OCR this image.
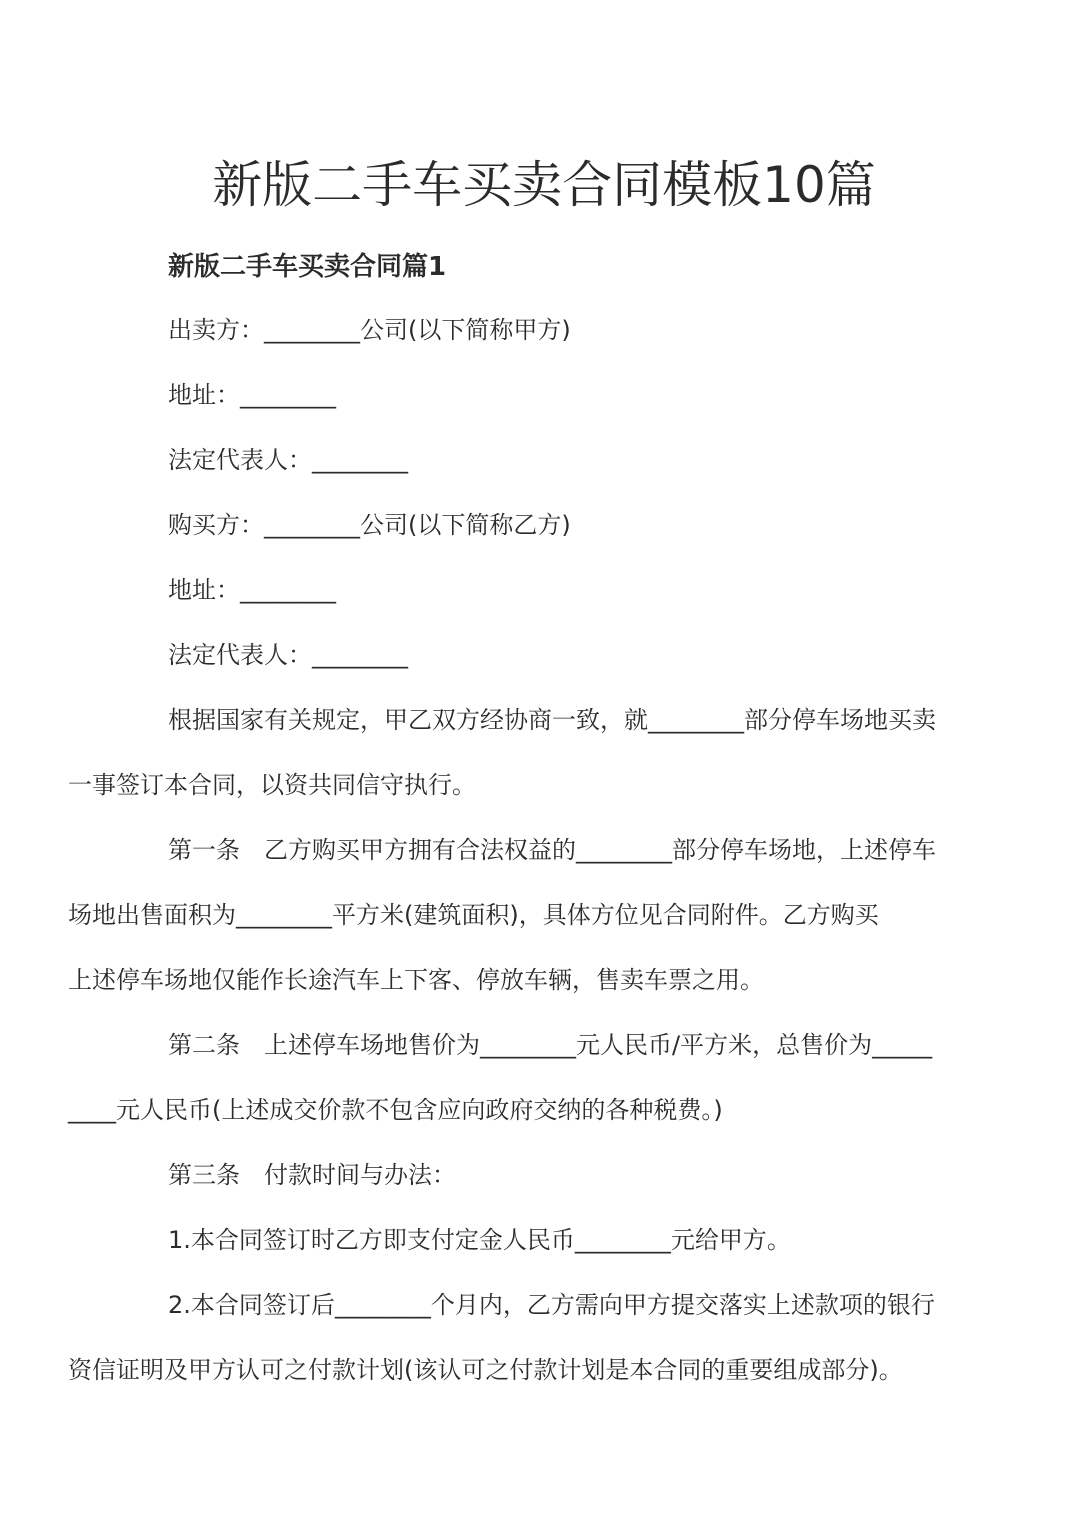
新版二手车买卖合同模板10篇
新版二手车买卖合同篇1

出卖方：________公司(以下简称甲方)

地址：________

法定代表人：________

购买方：________公司(以下简称乙方)

地址：________

法定代表人：________

根据国家有关规定，甲乙双方经协商一致，就________部分停车场地买卖
一事签订本合同，以资共同信守执行。

第一条　乙方购买甲方拥有合法权益的________部分停车场地，上述停车
场地出售面积为________平方米(建筑面积)，具体方位见合同附件。乙方购买
上述停车场地仅能作长途汽车上下客、停放车辆，售卖车票之用。

第二条　上述停车场地售价为________元人民币/平方米，总售价为_____
____元人民币(上述成交价款不包含应向政府交纳的各种税费。)

第三条　付款时间与办法：

1.本合同签订时乙方即支付定金人民币________元给甲方。

2.本合同签订后________个月内，乙方需向甲方提交落实上述款项的银行
资信证明及甲方认可之付款计划(该认可之付款计划是本合同的重要组成部分)。
